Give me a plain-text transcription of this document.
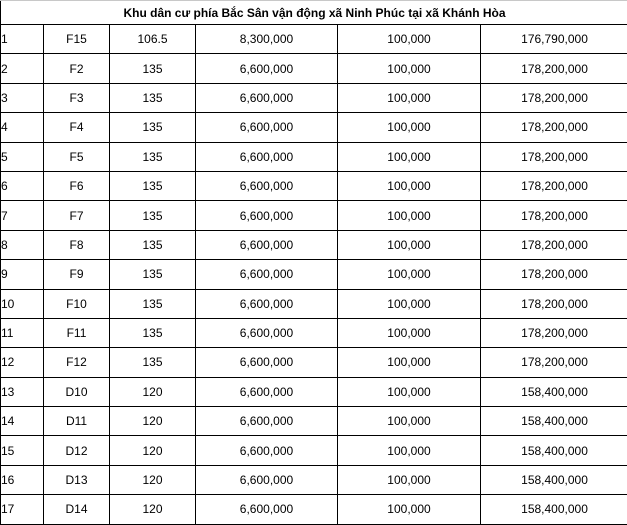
Khu dân cư phía Bắc Sân vận động xã Ninh Phúc tại xã Khánh Hòa					
1	F15	106.5	8,300,000	100,000	176,790,000
2	F2	135	6,600,000	100,000	178,200,000
3	F3	135	6,600,000	100,000	178,200,000
4	F4	135	6,600,000	100,000	178,200,000
5	F5	135	6,600,000	100,000	178,200,000
6	F6	135	6,600,000	100,000	178,200,000
7	F7	135	6,600,000	100,000	178,200,000
8	F8	135	6,600,000	100,000	178,200,000
9	F9	135	6,600,000	100,000	178,200,000
10	F10	135	6,600,000	100,000	178,200,000
11	F11	135	6,600,000	100,000	178,200,000
12	F12	135	6,600,000	100,000	178,200,000
13	D10	120	6,600,000	100,000	158,400,000
14	D11	120	6,600,000	100,000	158,400,000
15	D12	120	6,600,000	100,000	158,400,000
16	D13	120	6,600,000	100,000	158,400,000
17	D14	120	6,600,000	100,000	158,400,000
